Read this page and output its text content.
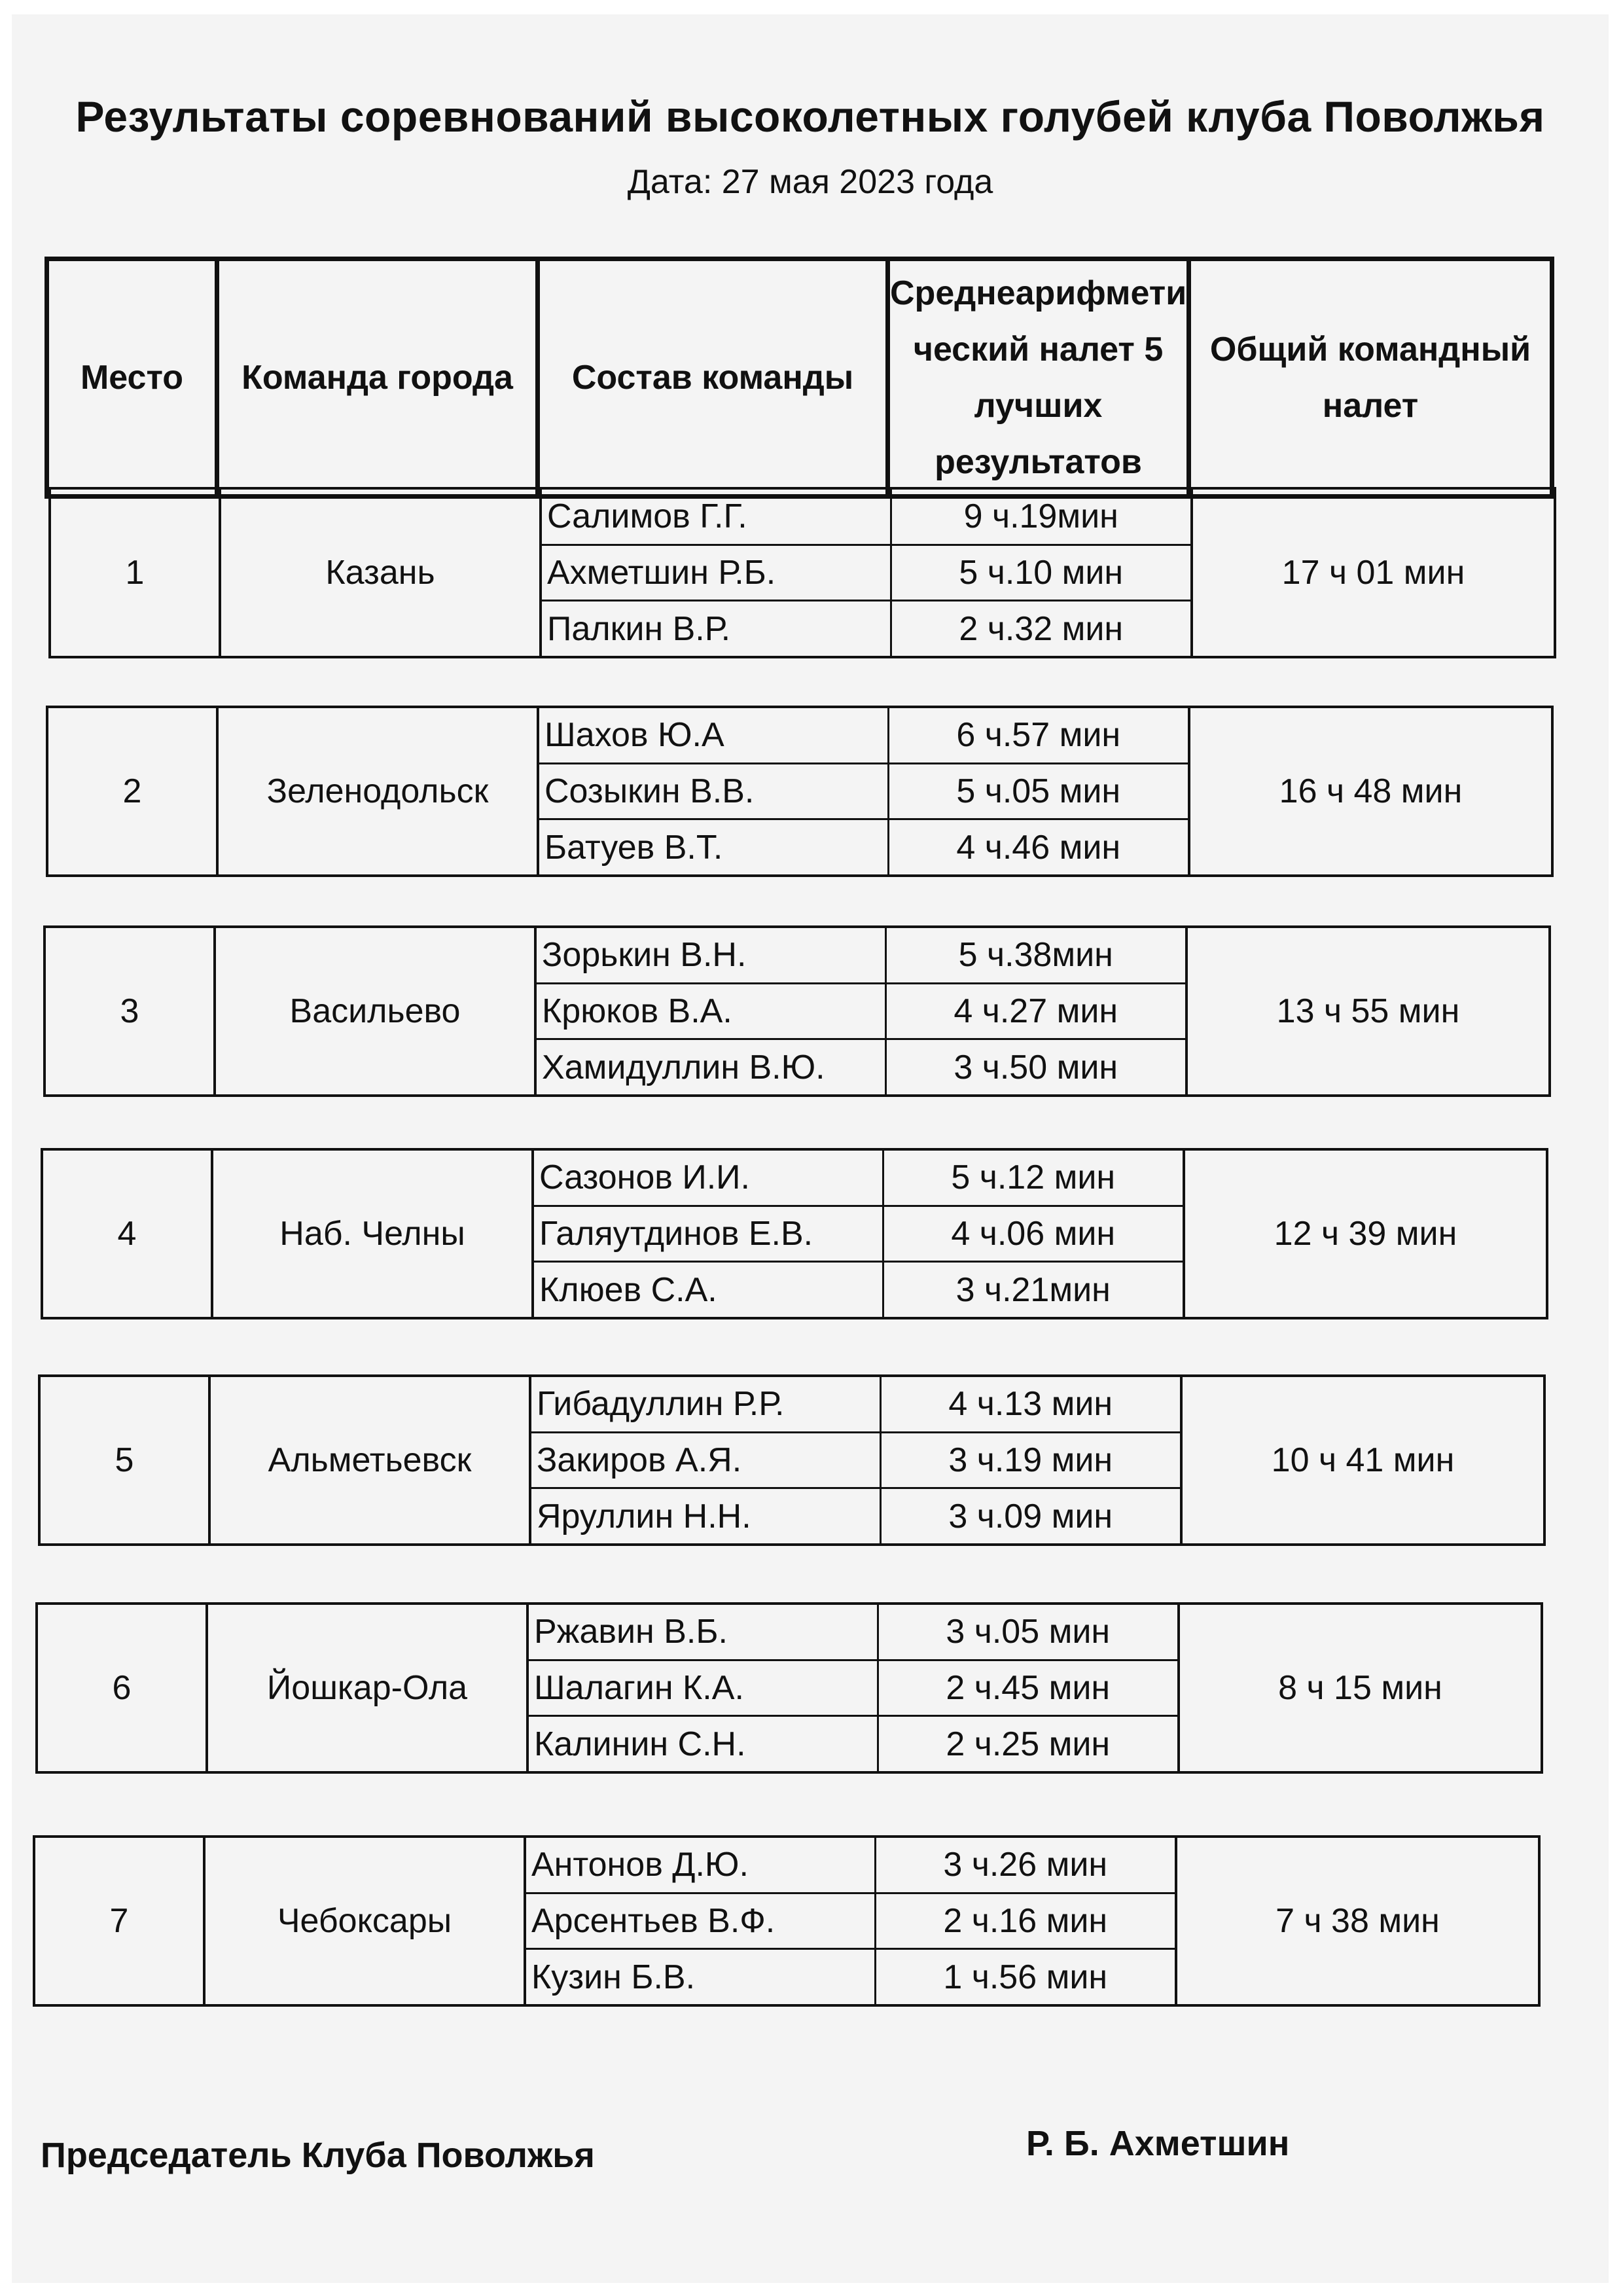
Результаты соревнований высоколетных голубей клуба Поволжья
Дата: 27 мая 2023 года
Место	Команда города	Состав команды	Среднеарифмети ческий налет 5 лучших результатов	Общий командный налет
1	Казань	Салимов Г.Г.	9 ч.19мин	17 ч 01 мин
		Ахметшин Р.Б.	5 ч.10 мин	
		Палкин В.Р.	2 ч.32 мин	
2	Зеленодольск	Шахов Ю.А	6 ч.57 мин	16 ч 48 мин
		Созыкин В.В.	5 ч.05 мин	
		Батуев В.Т.	4 ч.46 мин	
3	Васильево	Зорькин В.Н.	5 ч.38мин	13 ч 55 мин
		Крюков В.А.	4 ч.27 мин	
		Хамидуллин В.Ю.	3 ч.50 мин	
4	Наб. Челны	Сазонов И.И.	5 ч.12 мин	12 ч 39 мин
		Галяутдинов Е.В.	4 ч.06 мин	
		Клюев С.А.	3 ч.21мин	
5	Альметьевск	Гибадуллин Р.Р.	4 ч.13 мин	10 ч 41 мин
		Закиров А.Я.	3 ч.19 мин	
		Яруллин Н.Н.	3 ч.09 мин	
6	Йошкар-Ола	Ржавин В.Б.	3 ч.05 мин	8 ч 15 мин
		Шалагин К.А.	2 ч.45 мин	
		Калинин С.Н.	2 ч.25 мин	
7	Чебоксары	Антонов Д.Ю.	3 ч.26 мин	7 ч 38 мин
		Арсентьев В.Ф.	2 ч.16 мин	
		Кузин Б.В.	1 ч.56 мин	
Председатель Клуба Поволжья	Р. Б. Ахметшин
